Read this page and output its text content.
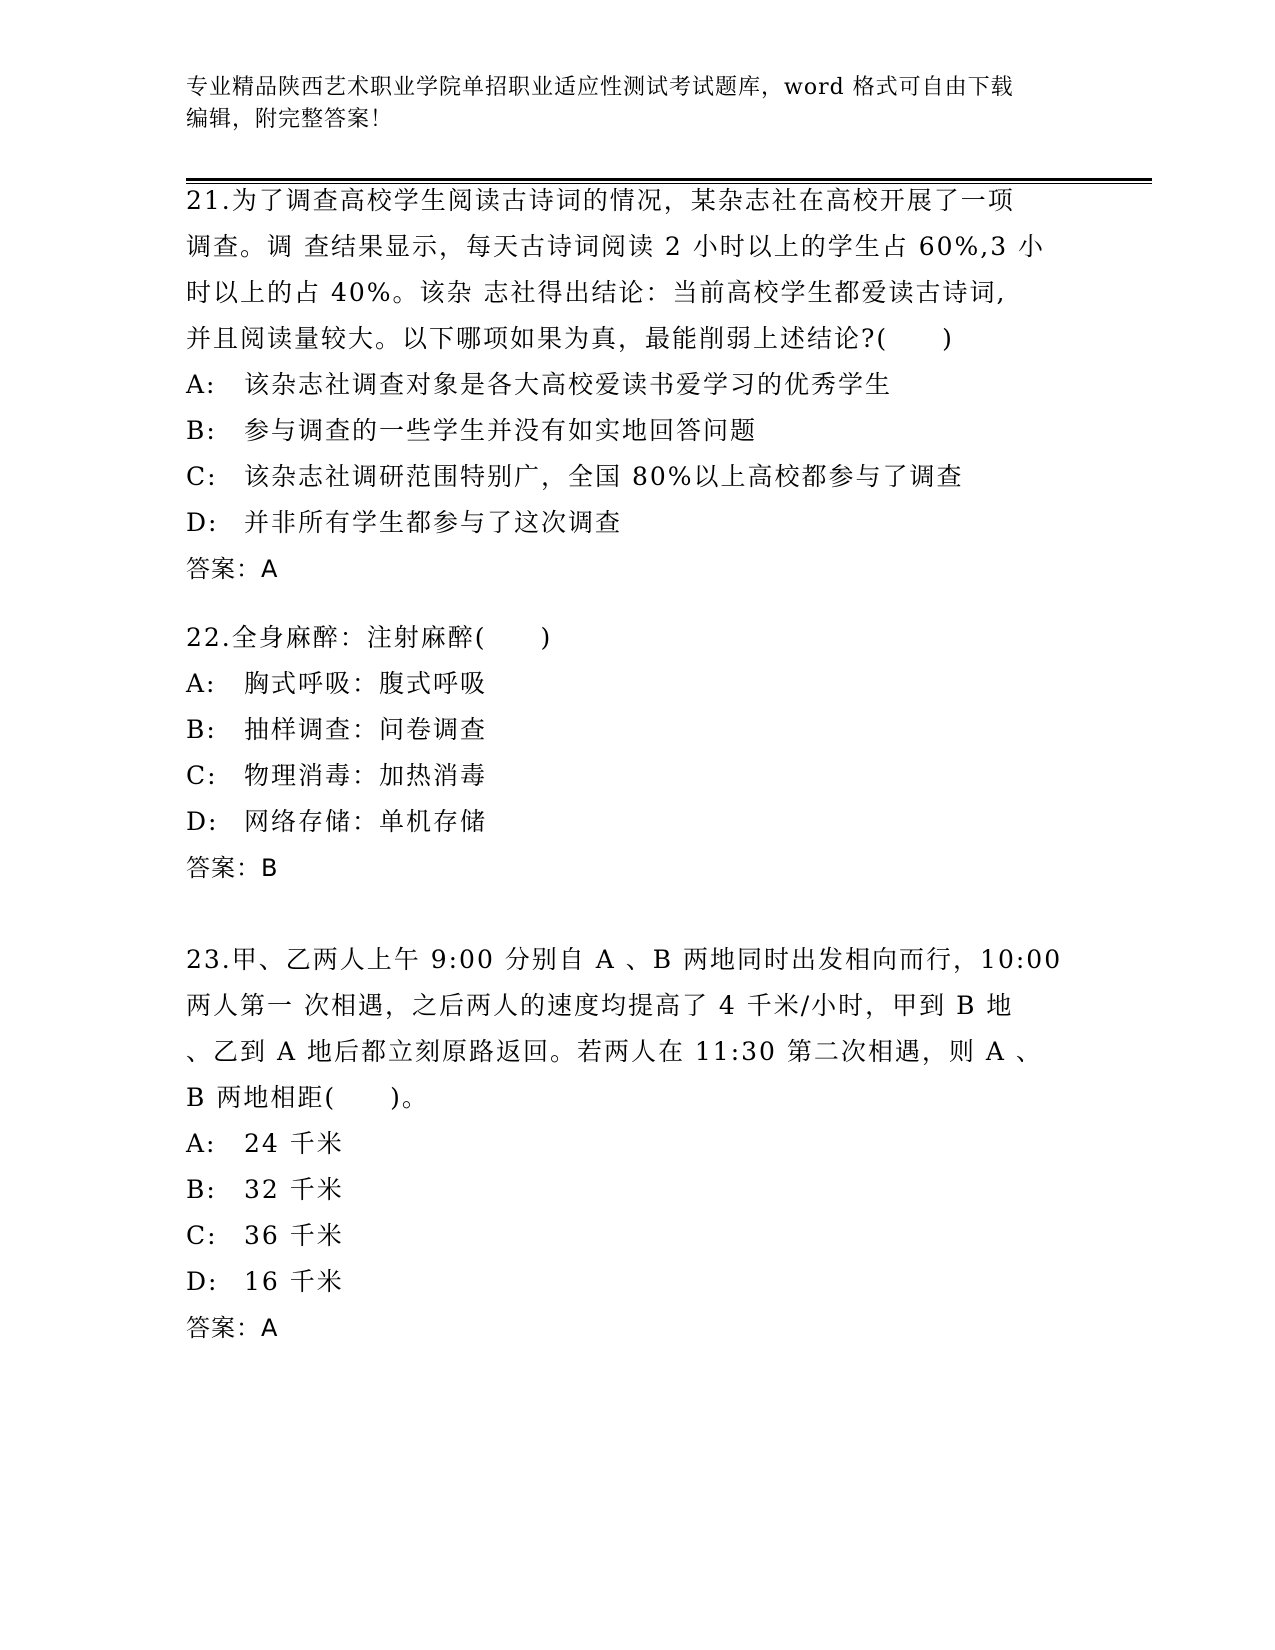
专业精品陕西艺术职业学院单招职业适应性测试考试题库，word 格式可自由下载
编辑，附完整答案！
21.为了调查高校学生阅读古诗词的情况，某杂志社在高校开展了一项
调查。调 查结果显示，每天古诗词阅读 2 小时以上的学生占 60%,3 小
时以上的占 40%。该杂 志社得出结论：当前高校学生都爱读古诗词,
并且阅读量较大。以下哪项如果为真，最能削弱上述结论?(　　)
A: 该杂志社调查对象是各大高校爱读书爱学习的优秀学生
B: 参与调查的一些学生并没有如实地回答问题
C: 该杂志社调研范围特别广，全国 80%以上高校都参与了调查
D: 并非所有学生都参与了这次调查
答案：A
22.全身麻醉：注射麻醉(　　)
A: 胸式呼吸：腹式呼吸
B: 抽样调查：问卷调查
C: 物理消毒：加热消毒
D: 网络存储：单机存储
答案：B
23.甲、乙两人上午 9:00 分别自 A 、B 两地同时出发相向而行，10:00
两人第一 次相遇，之后两人的速度均提高了 4 千米/小时，甲到 B 地
、乙到 A 地后都立刻原路返回。若两人在 11:30 第二次相遇，则 A 、
B 两地相距(　　)。
A: 24 千米
B: 32 千米
C: 36 千米
D: 16 千米
答案：A
